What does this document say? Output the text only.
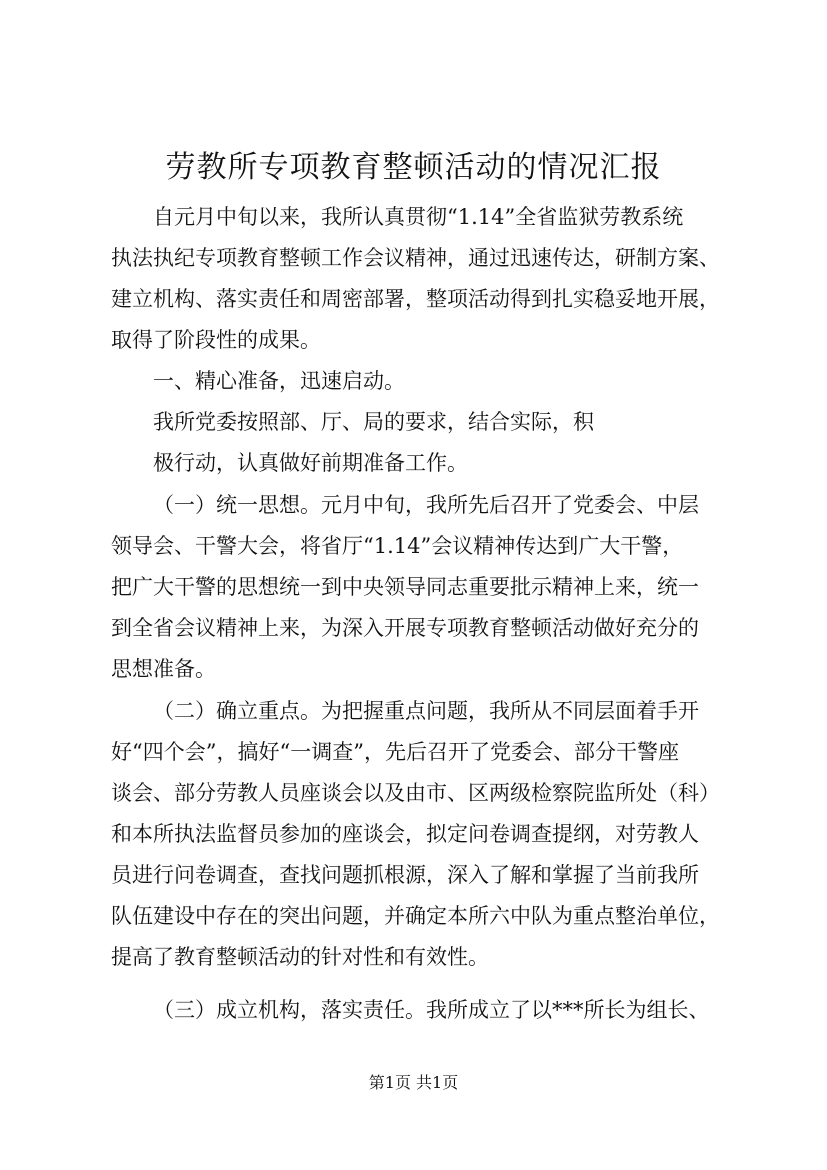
劳教所专项教育整顿活动的情况汇报
自元月中旬以来，我所认真贯彻“1.14”全省监狱劳教系统
执法执纪专项教育整顿工作会议精神，通过迅速传达，研制方案、
建立机构、落实责任和周密部署，整项活动得到扎实稳妥地开展，
取得了阶段性的成果。
一、精心准备，迅速启动。
我所党委按照部、厅、局的要求，结合实际，积
极行动，认真做好前期准备工作。
（一）统一思想。元月中旬，我所先后召开了党委会、中层
领导会、干警大会，将省厅“1.14”会议精神传达到广大干警，
把广大干警的思想统一到中央领导同志重要批示精神上来，统一
到全省会议精神上来，为深入开展专项教育整顿活动做好充分的
思想准备。
（二）确立重点。为把握重点问题，我所从不同层面着手开
好“四个会”，搞好“一调查”，先后召开了党委会、部分干警座
谈会、部分劳教人员座谈会以及由市、区两级检察院监所处（科）
和本所执法监督员参加的座谈会，拟定问卷调查提纲，对劳教人
员进行问卷调查，查找问题抓根源，深入了解和掌握了当前我所
队伍建设中存在的突出问题，并确定本所六中队为重点整治单位，
提高了教育整顿活动的针对性和有效性。
（三）成立机构，落实责任。我所成立了以***所长为组长、
第1页 共1页
